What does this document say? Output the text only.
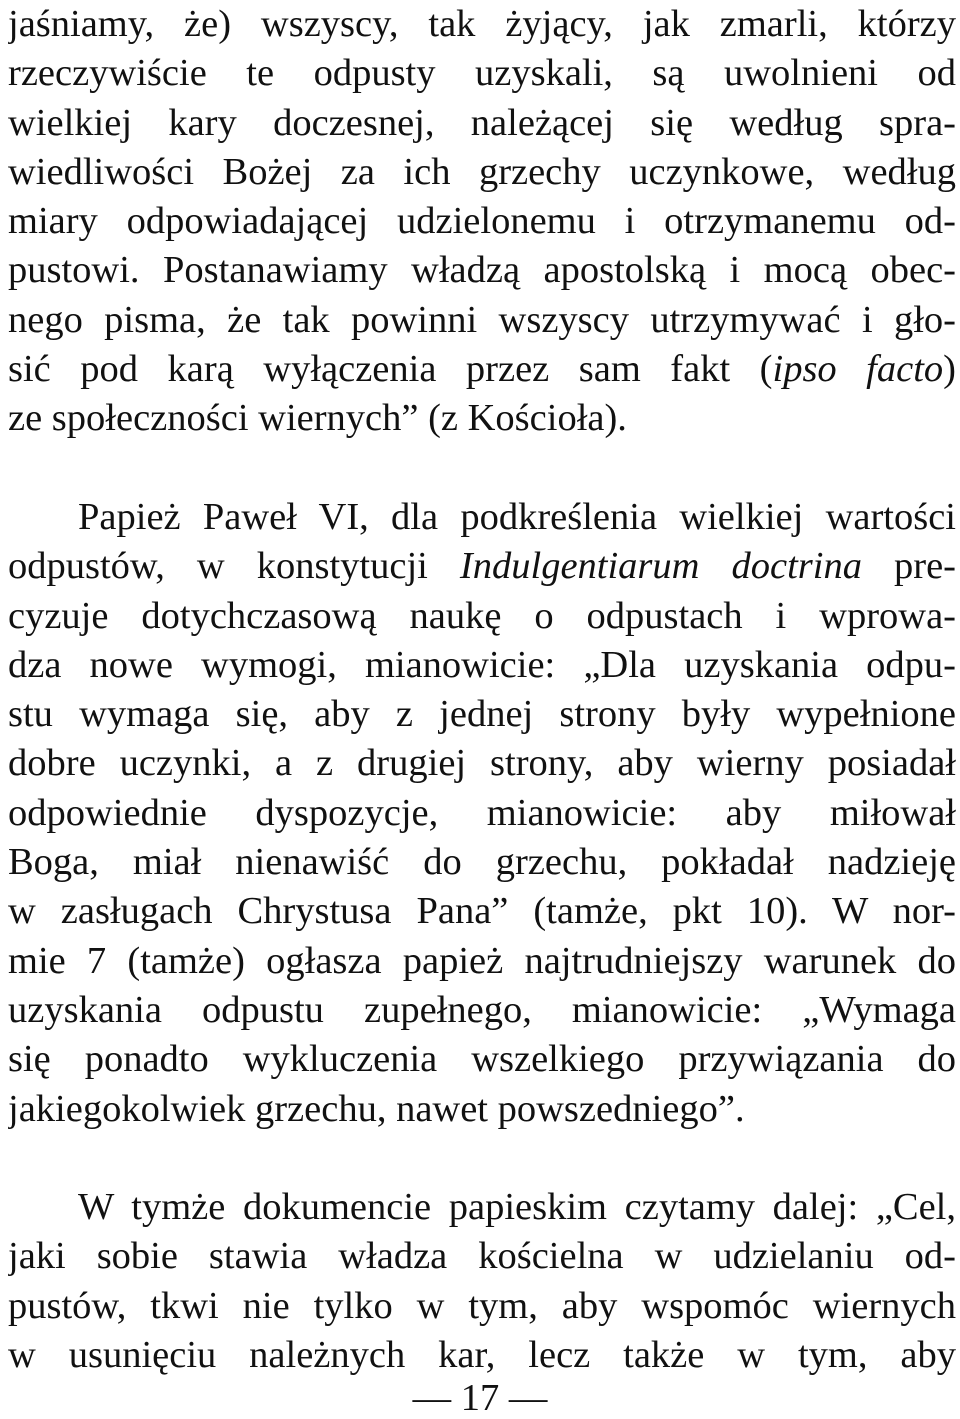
jaśniamy, że) wszyscy, tak żyjący, jak zmarli, którzy
rzeczywiście te odpusty uzyskali, są uwolnieni od
wielkiej kary doczesnej, należącej się według spra-
wiedliwości Bożej za ich grzechy uczynkowe, według
miary odpowiadającej udzielonemu i otrzymanemu od-
pustowi. Postanawiamy władzą apostolską i mocą obec-
nego pisma, że tak powinni wszyscy utrzymywać i gło-
sić pod karą wyłączenia przez sam fakt (ipso facto)
ze społeczności wiernych” (z Kościoła).
Papież Paweł VI, dla podkreślenia wielkiej wartości
odpustów, w konstytucji Indulgentiarum doctrina pre-
cyzuje dotychczasową naukę o odpustach i wprowa-
dza nowe wymogi, mianowicie: „Dla uzyskania odpu-
stu wymaga się, aby z jednej strony były wypełnione
dobre uczynki, a z drugiej strony, aby wierny posiadał
odpowiednie dyspozycje, mianowicie: aby miłował
Boga, miał nienawiść do grzechu, pokładał nadzieję
w zasługach Chrystusa Pana” (tamże, pkt 10). W nor-
mie 7 (tamże) ogłasza papież najtrudniejszy warunek do
uzyskania odpustu zupełnego, mianowicie: „Wymaga
się ponadto wykluczenia wszelkiego przywiązania do
jakiegokolwiek grzechu, nawet powszedniego”.
W tymże dokumencie papieskim czytamy dalej: „Cel,
jaki sobie stawia władza kościelna w udzielaniu od-
pustów, tkwi nie tylko w tym, aby wspomóc wiernych
w usunięciu należnych kar, lecz także w tym, aby
— 17 —
